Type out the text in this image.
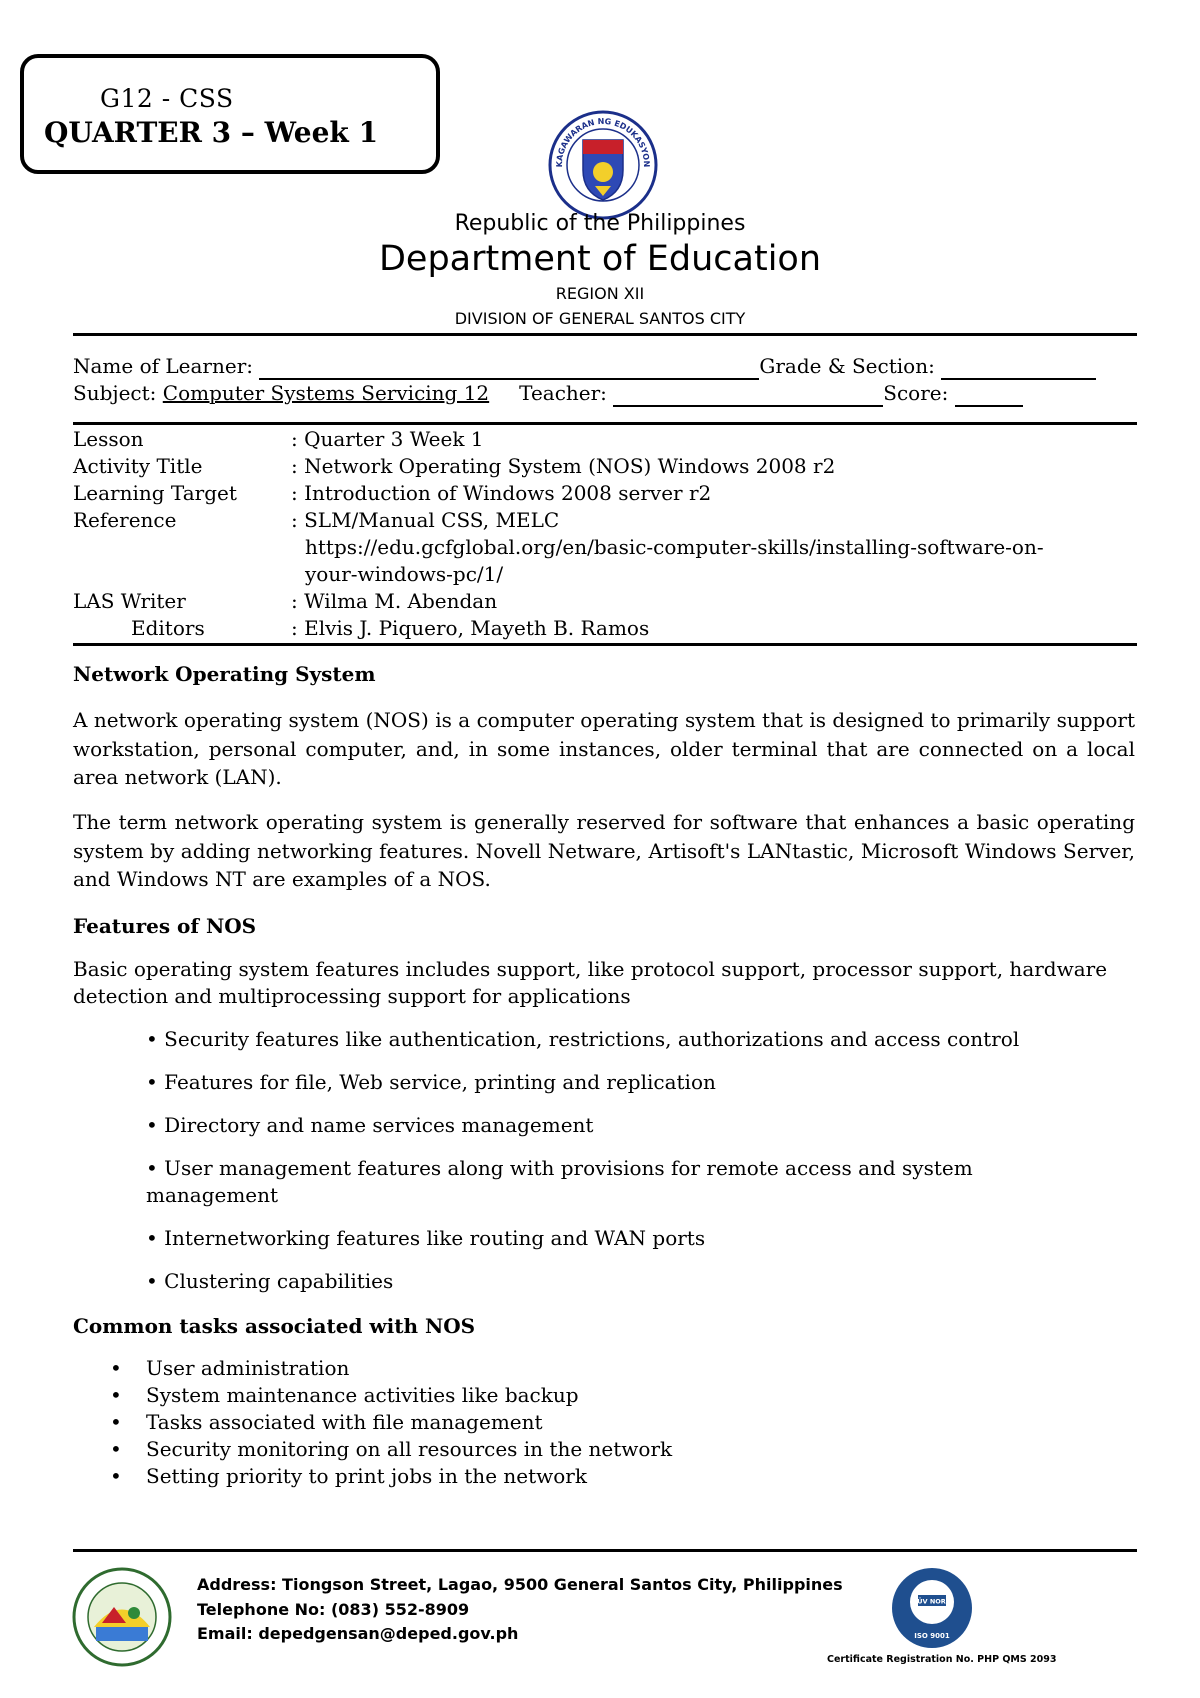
G12 - CSS
QUARTER 3 – Week 1
KAGAWARAN NG EDUKASYON
Republic of the Philippines
Department of Education
REGION XII
DIVISION OF GENERAL SANTOS CITY
Name of Learner:	Grade & Section:
Subject: Computer Systems Servicing 12 Teacher:	Score:
Lesson	: Quarter 3 Week 1
Activity Title	: Network Operating System (NOS) Windows 2008 r2
Learning Target	: Introduction of Windows 2008 server r2
Reference	: SLM/Manual CSS, MELC
https://edu.gcfglobal.org/en/basic-computer-skills/installing-software-on-
your-windows-pc/1/
LAS Writer	: Wilma M. Abendan
Editors	: Elvis J. Piquero, Mayeth B. Ramos
Network Operating System

A network operating system (NOS) is a computer operating system that is designed to primarily support workstation, personal computer, and, in some instances, older terminal that are connected on a local area network (LAN).

The term network operating system is generally reserved for software that enhances a basic operating system by adding networking features. Novell Netware, Artisoft's LANtastic, Microsoft Windows Server, and Windows NT are examples of a NOS.

Features of NOS

Basic operating system features includes support, like protocol support, processor support, hardware detection and multiprocessing support for applications

• Security features like authentication, restrictions, authorizations and access control
• Features for file, Web service, printing and replication
• Directory and name services management
• User management features along with provisions for remote access and system management
• Internetworking features like routing and WAN ports
• Clustering capabilities
Common tasks associated with NOS
•	User administration
•	System maintenance activities like backup
•	Tasks associated with file management
•	Security monitoring on all resources in the network
•	Setting priority to print jobs in the network
Address: Tiongson Street, Lagao, 9500 General Santos City, Philippines
Telephone No: (083) 552-8909
Email: depedgensan@deped.gov.ph
TÜV NORD
ISO 9001
Certificate Registration No. PHP QMS 2093
